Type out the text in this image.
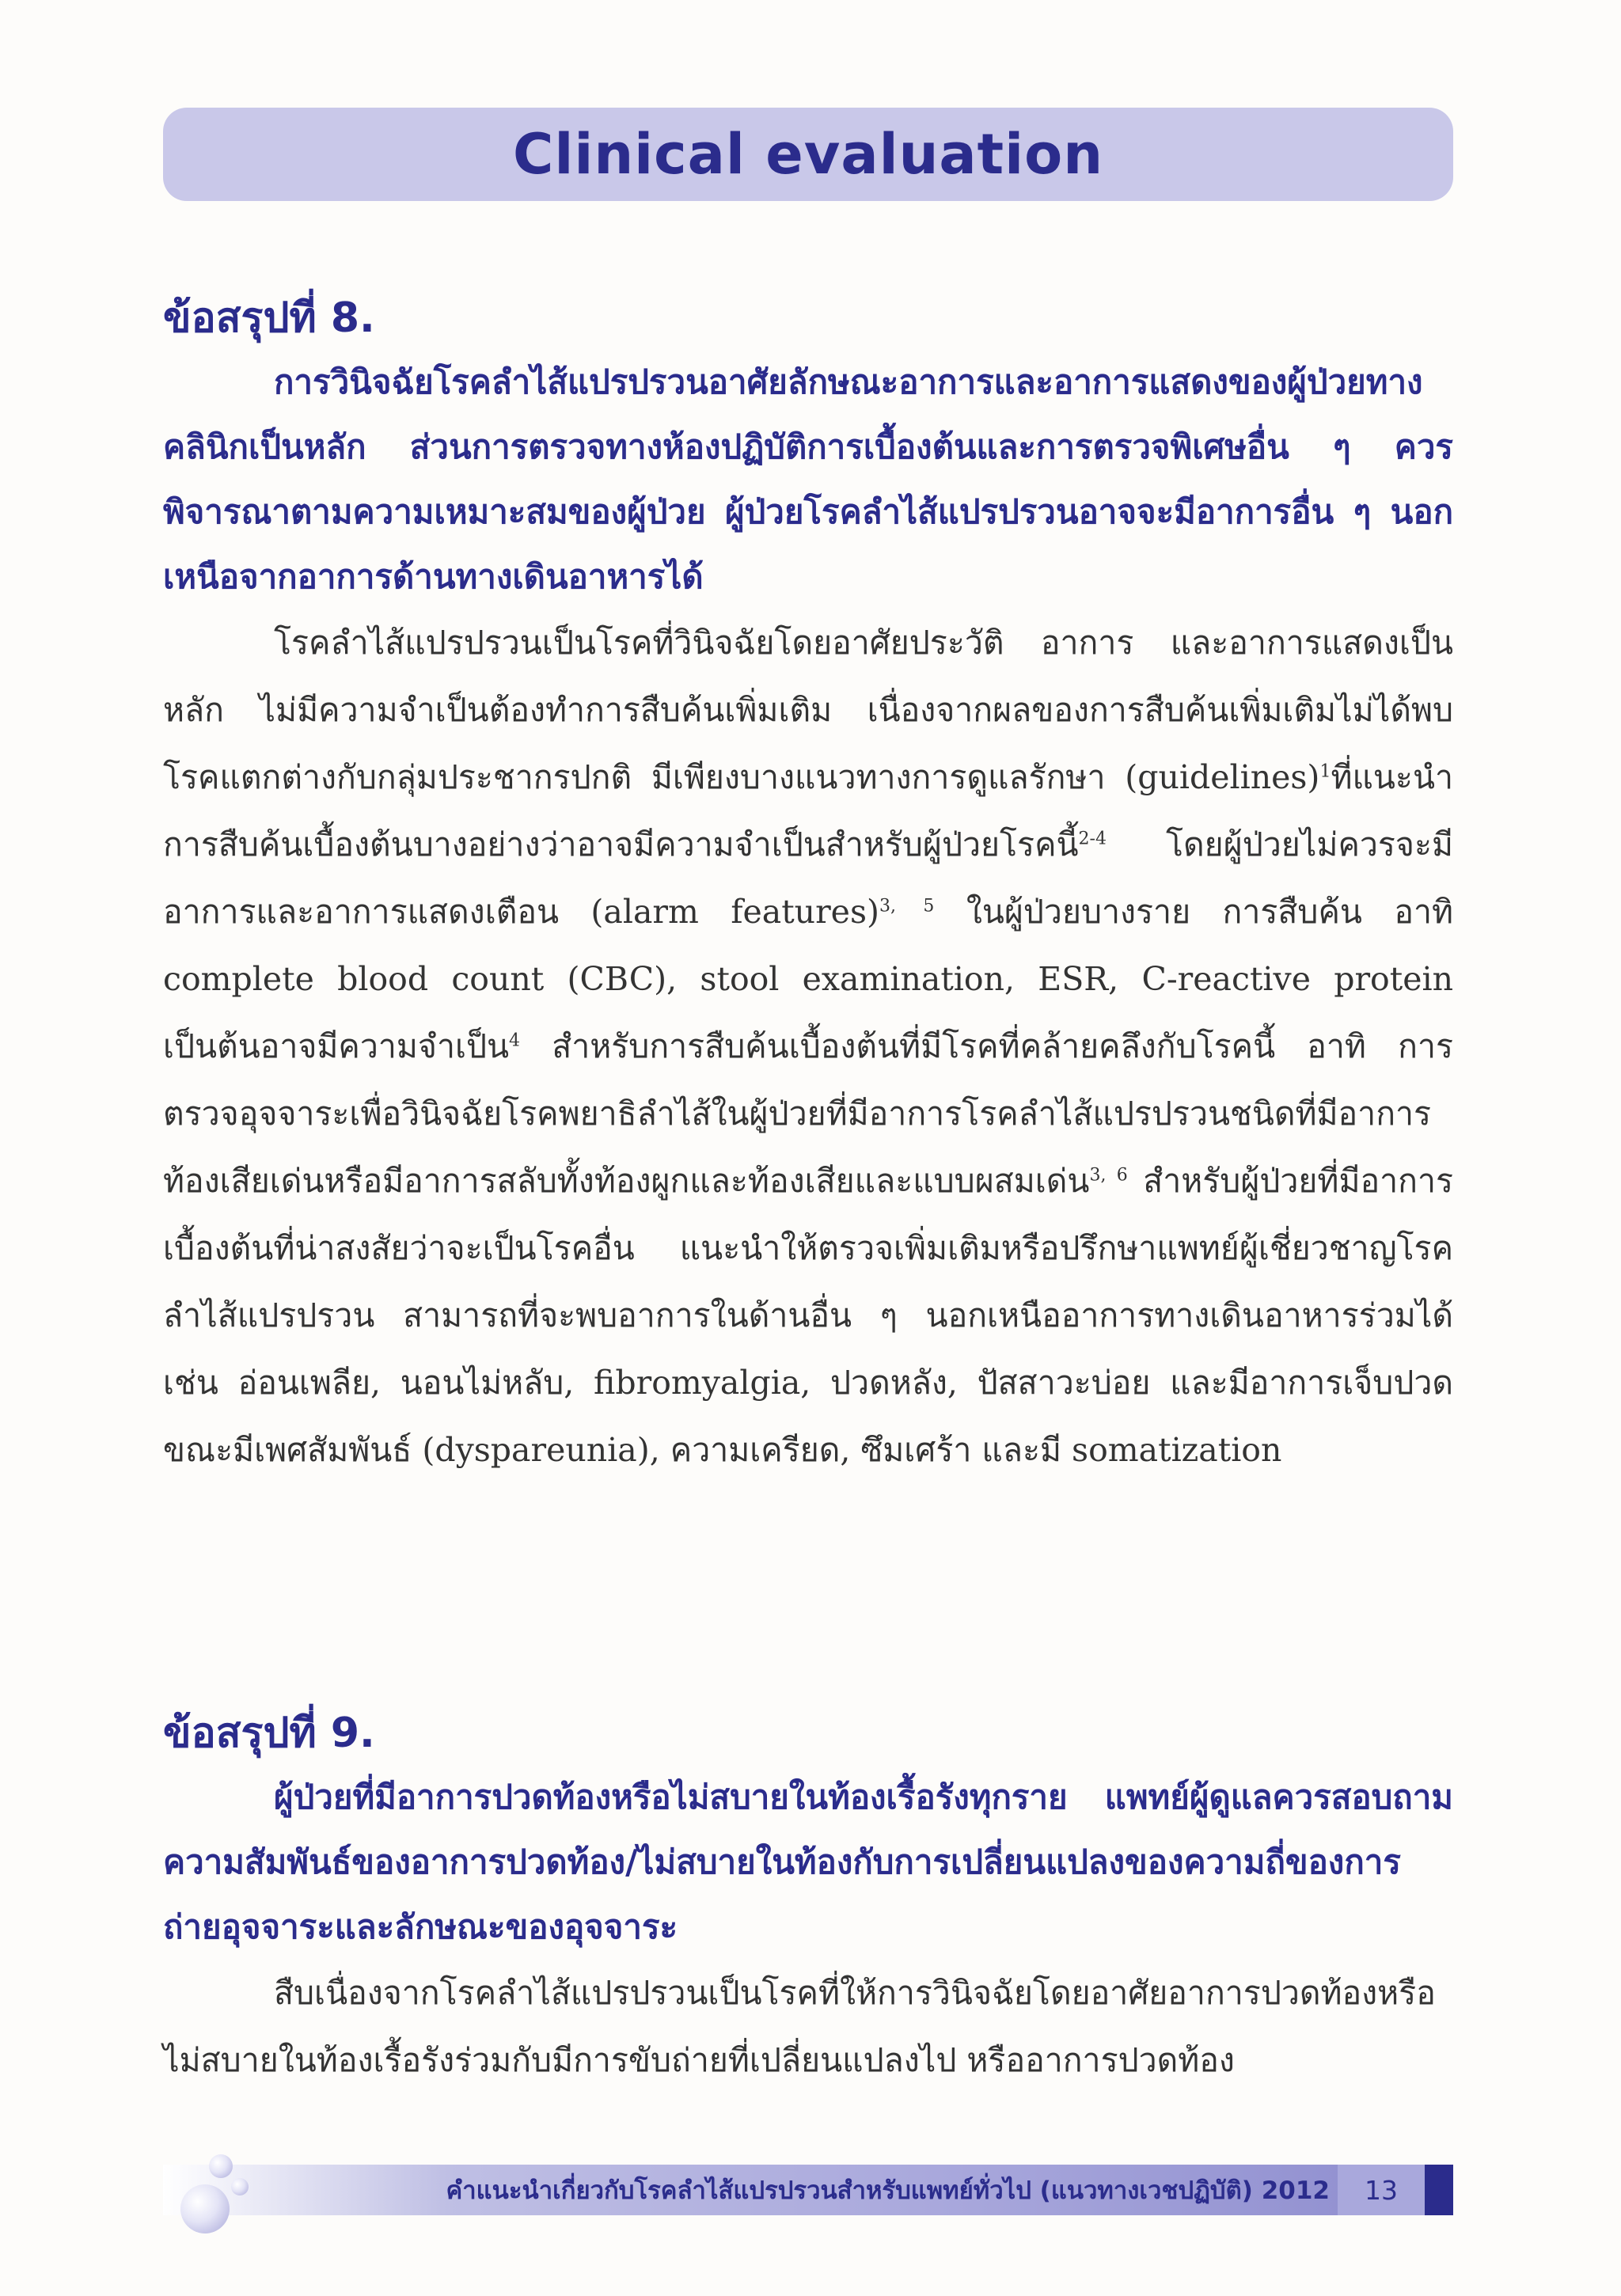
Clinical evaluation
ข้อสรุปที่ 8.

การวินิจฉัยโรคลำไส้แปรปรวนอาศัยลักษณะอาการและอาการแสดงของผู้ป่วยทางคลินิกเป็นหลัก ส่วนการตรวจทางห้องปฏิบัติการเบื้องต้นและการตรวจพิเศษอื่น ๆ ควรพิจารณาตามความเหมาะสมของผู้ป่วย ผู้ป่วยโรคลำไส้แปรปรวนอาจจะมีอาการอื่น ๆ นอกเหนือจากอาการด้านทางเดินอาหารได้

โรคลำไส้แปรปรวนเป็นโรคที่วินิจฉัยโดยอาศัยประวัติ อาการ และอาการแสดงเป็นหลัก ไม่มีความจำเป็นต้องทำการสืบค้นเพิ่มเติม เนื่องจากผลของการสืบค้นเพิ่มเติมไม่ได้พบโรคแตกต่างกับกลุ่มประชากรปกติ มีเพียงบางแนวทางการดูแลรักษา (guidelines)$^1$ที่แนะนำการสืบค้นเบื้องต้นบางอย่างว่าอาจมีความจำเป็นสำหรับผู้ป่วยโรคนี้$^{2-4}$ โดยผู้ป่วยไม่ควรจะมีอาการและอาการแสดงเตือน (alarm features)$^{3, 5}$ ในผู้ป่วยบางราย การสืบค้น อาทิ complete blood count (CBC), stool examination, ESR, C-reactive protein เป็นต้นอาจมีความจำเป็น$^4$ สำหรับการสืบค้นเบื้องต้นที่มีโรคที่คล้ายคลึงกับโรคนี้ อาทิ การตรวจอุจจาระเพื่อวินิจฉัยโรคพยาธิลำไส้ในผู้ป่วยที่มีอาการโรคลำไส้แปรปรวนชนิดที่มีอาการท้องเสียเด่นหรือมีอาการสลับทั้งท้องผูกและท้องเสียและแบบผสมเด่น$^{3, 6}$ สำหรับผู้ป่วยที่มีอาการเบื้องต้นที่น่าสงสัยว่าจะเป็นโรคอื่น แนะนำให้ตรวจเพิ่มเติมหรือปรึกษาแพทย์ผู้เชี่ยวชาญโรคลำไส้แปรปรวน สามารถที่จะพบอาการในด้านอื่น ๆ นอกเหนืออาการทางเดินอาหารร่วมได้ เช่น อ่อนเพลีย, นอนไม่หลับ, fibromyalgia, ปวดหลัง, ปัสสาวะบ่อย และมีอาการเจ็บปวดขณะมีเพศสัมพันธ์ (dyspareunia), ความเครียด, ซึมเศร้า และมี somatization

ข้อสรุปที่ 9.

ผู้ป่วยที่มีอาการปวดท้องหรือไม่สบายในท้องเรื้อรังทุกราย แพทย์ผู้ดูแลควรสอบถามความสัมพันธ์ของอาการปวดท้อง/ไม่สบายในท้องกับการเปลี่ยนแปลงของความถี่ของการถ่ายอุจจาระและลักษณะของอุจจาระ

สืบเนื่องจากโรคลำไส้แปรปรวนเป็นโรคที่ให้การวินิจฉัยโดยอาศัยอาการปวดท้องหรือไม่สบายในท้องเรื้อรังร่วมกับมีการขับถ่ายที่เปลี่ยนแปลงไป หรืออาการปวดท้อง

คำแนะนำเกี่ยวกับโรคลำไส้แปรปรวนสำหรับแพทย์ทั่วไป (แนวทางเวชปฏิบัติ) 2012	13
